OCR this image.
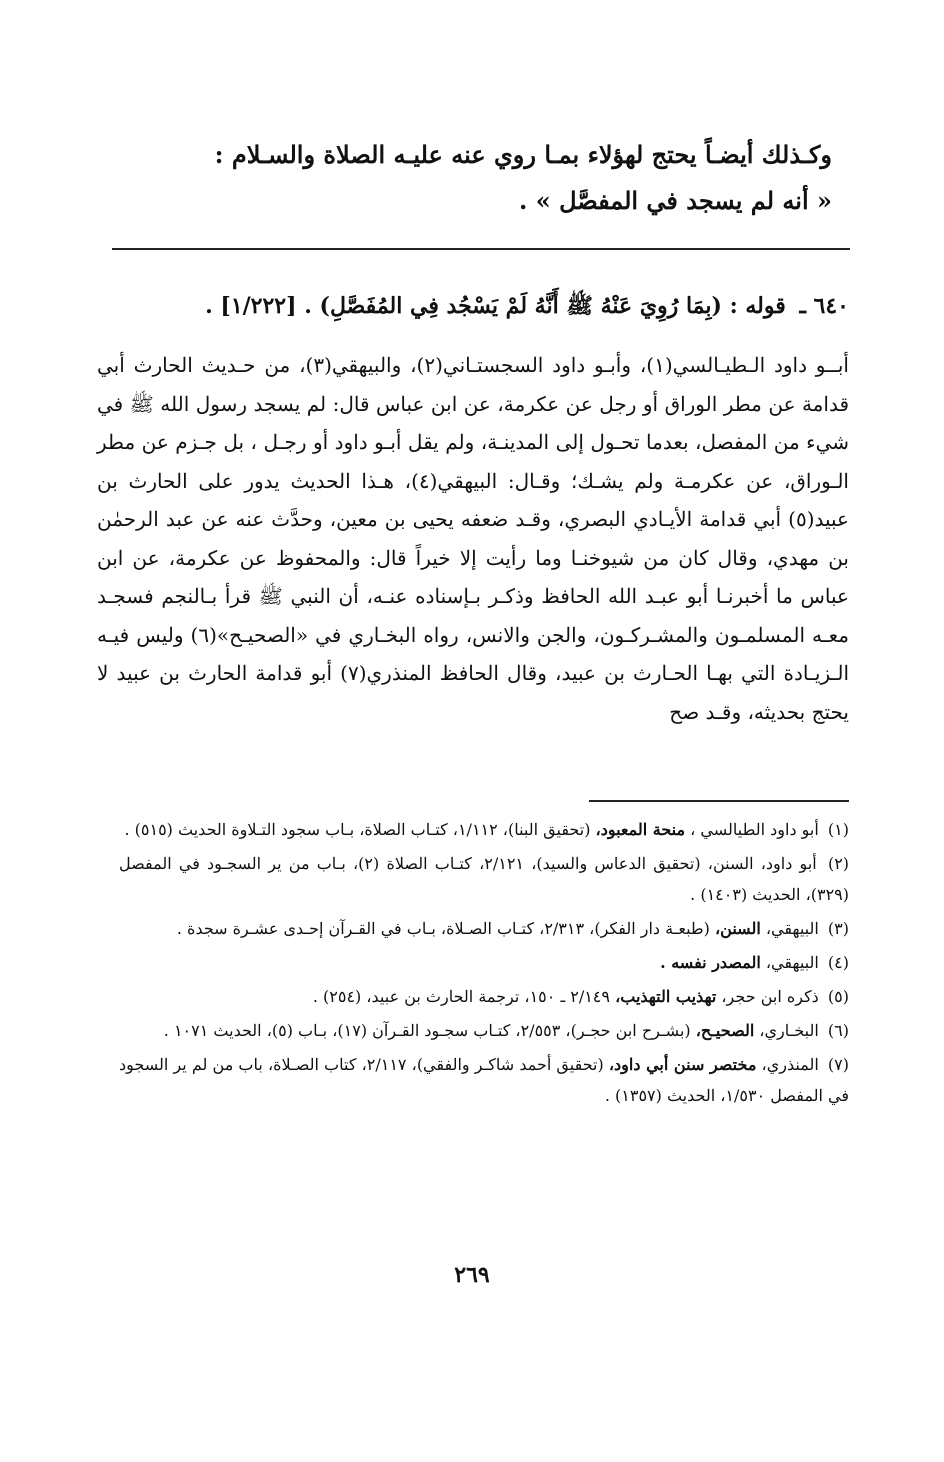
وكـذلك أيضـاً يحتج لهؤلاء بمـا روي عنه عليـه الصلاة والسـلام :

« أنه لم يسجد في المفصَّل » .

٦٤٠ ـ قوله : (بِمَا رُوِيَ عَنْهُ ﷺ أَنَّهُ لَمْ يَسْجُد فِي المُفَصَّلِ) . [١/٢٢٢] .

أبــو داود الـطيـالسي(١)، وأبـو داود السجستـاني(٢)، والبيهقي(٣)، من حـديث الحارث أبي قدامة عن مطر الوراق أو رجل عن عكرمة، عن ابن عباس قال: لم يسجد رسول الله ﷺ في شيء من المفصل، بعدما تحـول إلى المدينـة، ولم يقل أبـو داود أو رجـل ، بل جـزم عن مطر الـوراق، عن عكرمـة ولم يشـك؛ وقـال: البيهقي(٤)، هـذا الحديث يدور على الحارث بن عبيد(٥) أبي قدامة الأيـادي البصري، وقـد ضعفه يحيى بن معين، وحدَّث عنه عن عبد الرحمٰن بن مهدي، وقال كان من شيوخنـا وما رأيت إلا خيراً قال: والمحفوظ عن عكرمة، عن ابن عباس ما أخبرنـا أبو عبـد الله الحافظ وذكـر بـإسناده عنـه، أن النبي ﷺ قرأ بـالنجم فسجـد معـه المسلمـون والمشـركـون، والجن والانس، رواه البخـاري في «الصحيـح»(٦) وليس فيـه الـزيـادة التي بهـا الحـارث بن عبيد، وقال الحافظ المنذري(٧) أبو قدامة الحارث بن عبيد لا يحتج بحديثه، وقـد صح

(١) أبو داود الطيالسي ، منحة المعبود، (تحقيق البنا)، ١/١١٢، كتـاب الصلاة، بـاب سجود التـلاوة الحديث (٥١٥) .

(٢) أبو داود، السنن، (تحقيق الدعاس والسيد)، ٢/١٢١، كتـاب الصلاة (٢)، بـاب من ير السجـود في المفصل (٣٢٩)، الحديث (١٤٠٣) .

(٣) البيهقي، السنن، (طبعـة دار الفكر)، ٢/٣١٣، كتـاب الصـلاة، بـاب في القـرآن إحـدى عشـرة سجدة .

(٤) البيهقي، المصدر نفسه .

(٥) ذكره ابن حجر، تهذيب التهذيب، ٢/١٤٩ ـ ١٥٠، ترجمة الحارث بن عبيد، (٢٥٤) .

(٦) البخـاري، الصحيـح، (بشـرح ابن حجـر)، ٢/٥٥٣، كتـاب سجـود القـرآن (١٧)، بـاب (٥)، الحديث ١٠٧١ .

(٧) المنذري، مختصر سنن أبي داود، (تحقيق أحمد شاكـر والفقي)، ٢/١١٧، كتاب الصـلاة، باب من لم ير السجود في المفصل ١/٥٣٠، الحديث (١٣٥٧) .

٢٦٩
